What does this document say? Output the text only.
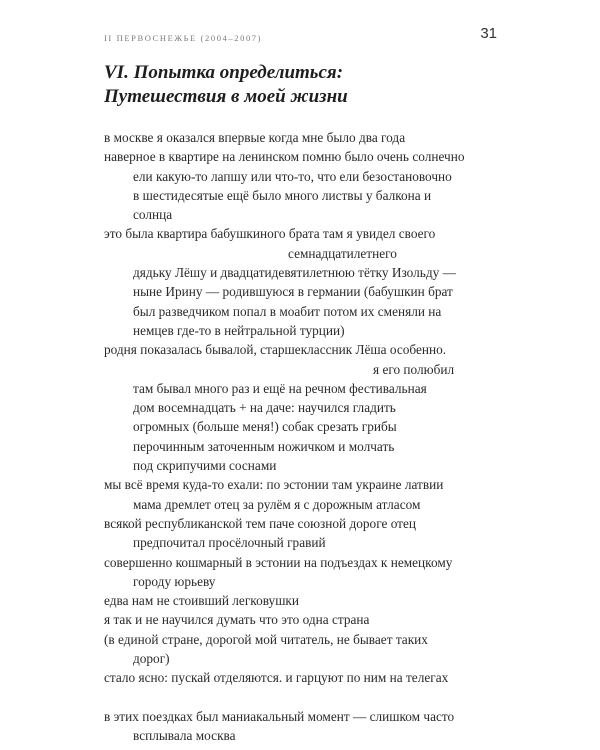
II ПЕРВОСНЕЖЬЕ (2004–2007)	31
VI. Попытка определиться:
Путешествия в моей жизни
в москве я оказался впервые когда мне было два года
наверное в квартире на ленинском помню было очень солнечно
ели какую-то лапшу или что-то, что ели безостановочно
в шестидесятые ещё было много листвы у балкона и
солнца
это была квартира бабушкиного брата там я увидел своего
семнадцатилетнего
дядьку Лёшу и двадцатидевятилетнюю тётку Изольду —
ныне Ирину — родившуюся в германии (бабушкин брат
был разведчиком попал в моабит потом их сменяли на
немцев где-то в нейтральной турции)
родня показалась бывалой, старшеклассник Лёша особенно.
я его полюбил
там бывал много раз и ещё на речном фестивальная
дом восемнадцать + на даче: научился гладить
огромных (больше меня!) собак срезать грибы
перочинным заточенным ножичком и молчать
под скрипучими соснами
мы всё время куда-то ехали: по эстонии там украине латвии
мама дремлет отец за рулём я с дорожным атласом
всякой республиканской тем паче союзной дороге отец
предпочитал просёлочный гравий
совершенно кошмарный в эстонии на подъездах к немецкому
городу юрьеву
едва нам не стоивший легковушки
я так и не научился думать что это одна страна
(в единой стране, дорогой мой читатель, не бывает таких
дорог)
стало ясно: пускай отделяются. и гарцуют по ним на телегах
в этих поездках был маниакальный момент — слишком часто
всплывала москва
